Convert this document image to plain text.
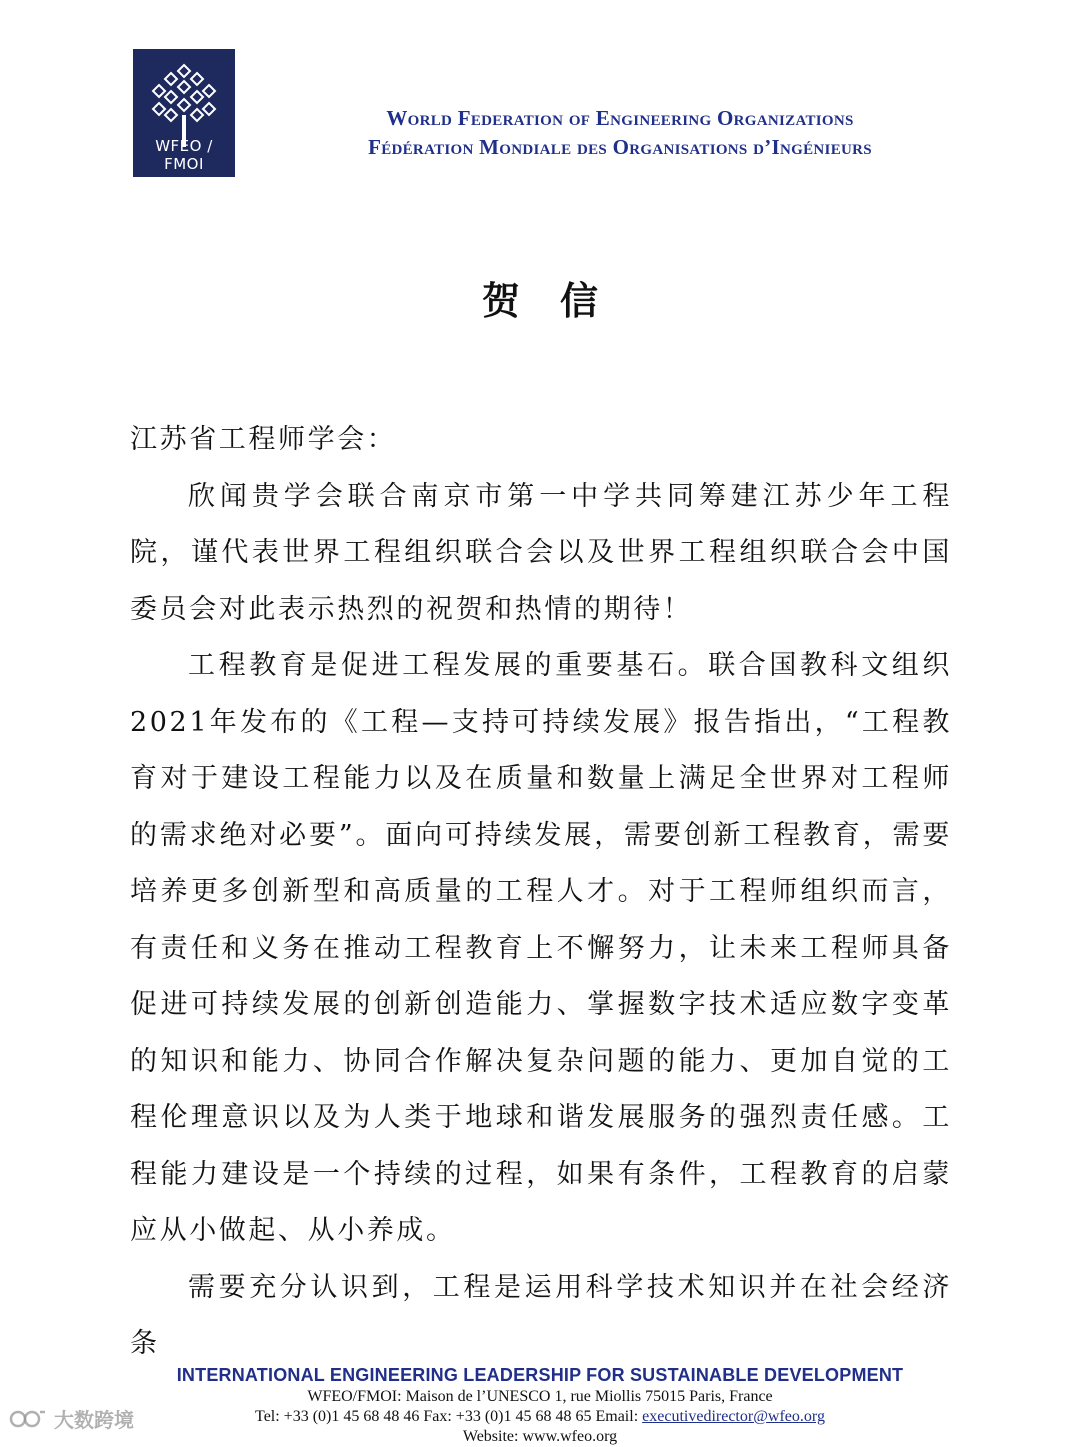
WFEO / FMOI
World Federation of Engineering Organizations
Fédération Mondiale des Organisations d’Ingénieurs
贺信

江苏省工程师学会：

欣闻贵学会联合南京市第一中学共同筹建江苏少年工程院，谨代表世界工程组织联合会以及世界工程组织联合会中国委员会对此表示热烈的祝贺和热情的期待！

工程教育是促进工程发展的重要基石。联合国教科文组织2021年发布的《工程—支持可持续发展》报告指出，“工程教育对于建设工程能力以及在质量和数量上满足全世界对工程师的需求绝对必要”。面向可持续发展，需要创新工程教育，需要培养更多创新型和高质量的工程人才。对于工程师组织而言，有责任和义务在推动工程教育上不懈努力，让未来工程师具备促进可持续发展的创新创造能力、掌握数字技术适应数字变革的知识和能力、协同合作解决复杂问题的能力、更加自觉的工程伦理意识以及为人类于地球和谐发展服务的强烈责任感。工程能力建设是一个持续的过程，如果有条件，工程教育的启蒙应从小做起、从小养成。

需要充分认识到，工程是运用科学技术知识并在社会经济条

INTERNATIONAL ENGINEERING LEADERSHIP FOR SUSTAINABLE DEVELOPMENT
WFEO/FMOI: Maison de l’UNESCO 1, rue Miollis 75015 Paris, France
Tel: +33 (0)1 45 68 48 46 Fax: +33 (0)1 45 68 48 65 Email: executivedirector@wfeo.org
Website: www.wfeo.org
大数跨境
